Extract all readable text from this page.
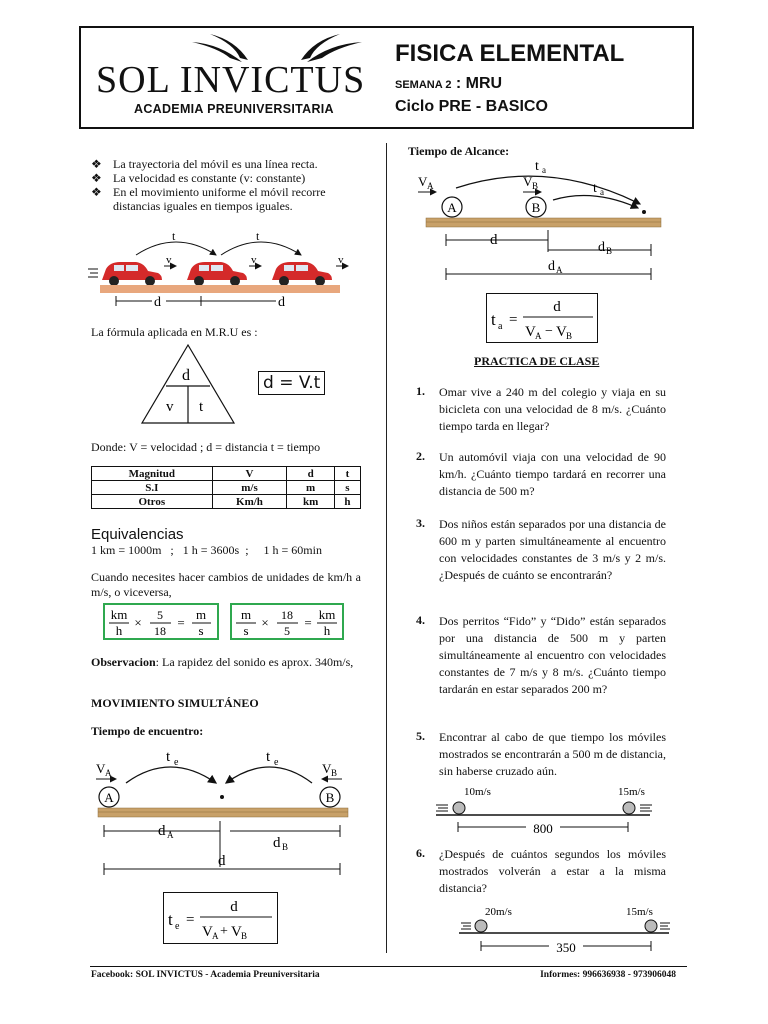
SOL INVICTUS
ACADEMIA PREUNIVERSITARIA
FISICA ELEMENTAL
SEMANA 2 : MRU
Ciclo PRE - BASICO
❖ La trayectoria del móvil es una línea recta.
❖ La velocidad es constante (v: constante)
❖ En el movimiento uniforme el móvil recorre distancias iguales en tiempos iguales.
t	t
v	v	v
d	d
La fórmula aplicada en M.R.U es :
d
v t
d = V.t
Donde: V = velocidad ; d = distancia t = tiempo
Magnitud	V	d	t
S.I	m/s	m	s
Otros	Km/h	km	h
Equivalencias
1 km = 1000m   ;   1 h = 3600s  ;     1 h = 60min
Cuando necesites hacer cambios de unidades de km/h a m/s, o viceversa,
km
h
× 5
18
=
m
s
m
s
× 18
5
=
km
h
Observacion: La rapidez del sonido es aprox. 340m/s,
MOVIMIENTO SIMULTÁNEO
Tiempo de encuentro:
t e	t e
V A	V B
A	B
d A	d B
d
t e =
d
V A + V B
Tiempo de Alcance:
t a
t a
V A	V B
A	B
d	d B
d A
t a =
d
V A − V B
PRACTICA DE CLASE
1. Omar vive a 240 m del colegio y viaja en su bicicleta con una velocidad de 8 m/s. ¿Cuánto tiempo tarda en llegar?
2. Un automóvil viaja con una velocidad de 90 km/h. ¿Cuánto tiempo tardará en recorrer una distancia de 500 m?
3. Dos niños están separados por una distancia de 600 m y parten simultáneamente al encuentro con velocidades constantes de 3 m/s y 2 m/s. ¿Después de cuánto se encontrarán?
4. Dos perritos “Fido” y “Dido” están separados por una distancia de 500 m y parten simultáneamente al encuentro con velocidades constantes de 7 m/s y 8 m/s. ¿Cuánto tiempo tardarán en estar separados 200 m?
5. Encontrar al cabo de que tiempo los móviles mostrados se encontrarán a 500 m de distancia, sin haberse cruzado aún.
10m/s	15m/s
800
6. ¿Después de cuántos segundos los móviles mostrados volverán a estar a la misma distancia?
20m/s	15m/s
350
Facebook: SOL INVICTUS - Academia Preuniversitaria	Informes: 996636938 - 973906048
